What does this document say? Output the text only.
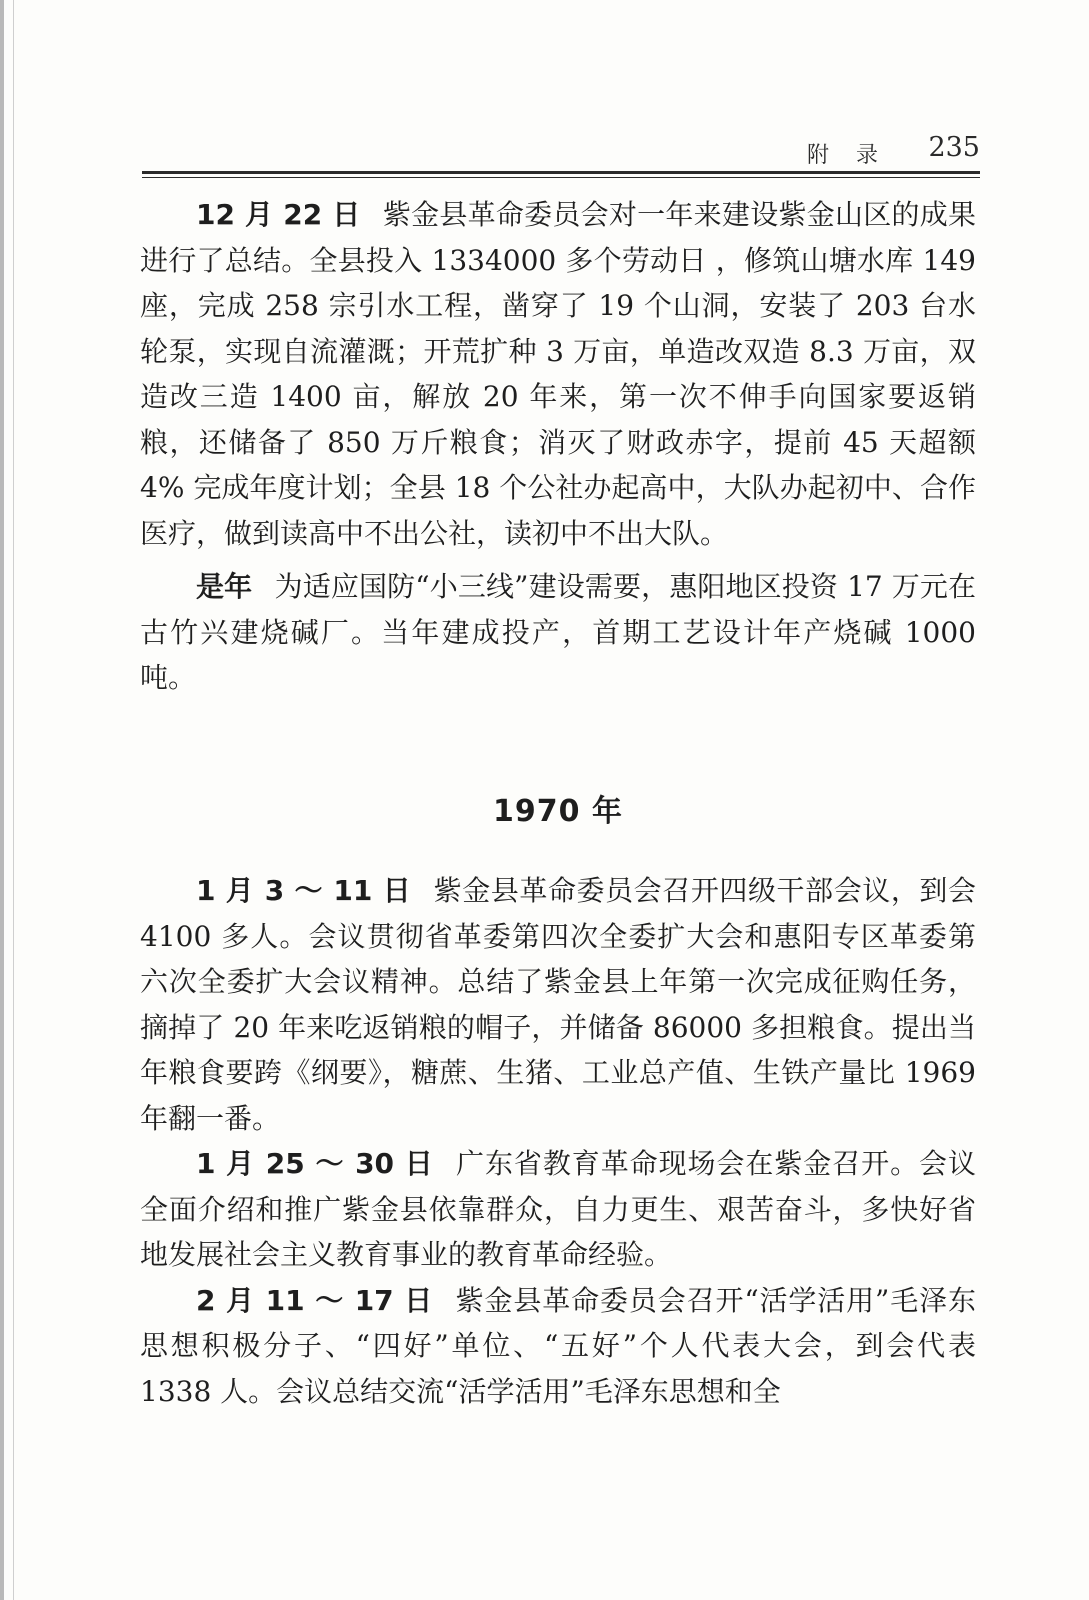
附 录 235

12 月 22 日 紫金县革命委员会对一年来建设紫金山区的成果进行了总结。全县投入 1334000 多个劳动日 ，修筑山塘水库 149 座，完成 258 宗引水工程，凿穿了 19 个山洞，安装了 203 台水轮泵，实现自流灌溉；开荒扩种 3 万亩，单造改双造 8.3 万亩，双造改三造 1400 亩，解放 20 年来，第一次不伸手向国家要返销粮，还储备了 850 万斤粮食；消灭了财政赤字，提前 45 天超额 4% 完成年度计划；全县 18 个公社办起高中，大队办起初中、合作医疗，做到读高中不出公社，读初中不出大队。

是年 为适应国防“小三线”建设需要，惠阳地区投资 17 万元在古竹兴建烧碱厂。当年建成投产，首期工艺设计年产烧碱 1000 吨。

1970 年

1 月 3 ～ 11 日 紫金县革命委员会召开四级干部会议，到会 4100 多人。会议贯彻省革委第四次全委扩大会和惠阳专区革委第六次全委扩大会议精神。总结了紫金县上年第一次完成征购任务，摘掉了 20 年来吃返销粮的帽子，并储备 86000 多担粮食。提出当年粮食要跨《纲要》，糖蔗、生猪、工业总产值、生铁产量比 1969 年翻一番。

1 月 25 ～ 30 日 广东省教育革命现场会在紫金召开。会议全面介绍和推广紫金县依靠群众，自力更生、艰苦奋斗，多快好省地发展社会主义教育事业的教育革命经验。

2 月 11 ～ 17 日 紫金县革命委员会召开“活学活用”毛泽东思想积极分子、“四好”单位、“五好”个人代表大会，到会代表 1338 人。会议总结交流“活学活用”毛泽东思想和全
